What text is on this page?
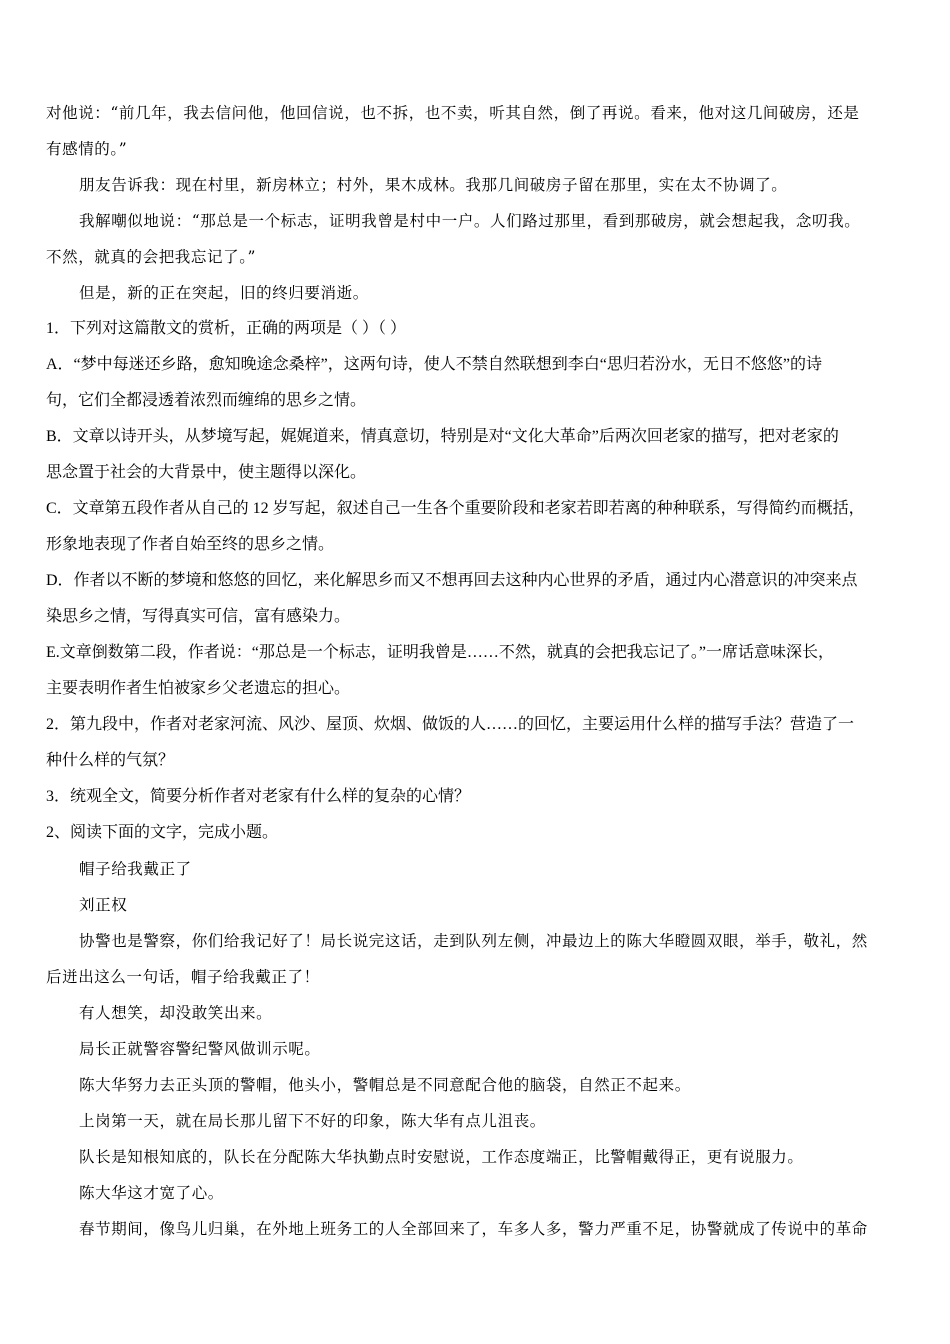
对他说：“前几年，我去信问他，他回信说，也不拆，也不卖，听其自然，倒了再说。看来，他对这几间破房，还是
有感情的。”
朋友告诉我：现在村里，新房林立；村外，果木成林。我那几间破房子留在那里，实在太不协调了。
我解嘲似地说：“那总是一个标志，证明我曾是村中一户。人们路过那里，看到那破房，就会想起我，念叨我。
不然，就真的会把我忘记了。”
但是，新的正在突起，旧的终归要消逝。
1．下列对这篇散文的赏析，正确的两项是（ ）（ ）
A．“梦中每迷还乡路，愈知晚途念桑梓”，这两句诗，使人不禁自然联想到李白“思归若汾水，无日不悠悠”的诗
句，它们全都浸透着浓烈而缠绵的思乡之情。
B．文章以诗开头，从梦境写起，娓娓道来，情真意切，特别是对“文化大革命”后两次回老家的描写，把对老家的
思念置于社会的大背景中，使主题得以深化。
C．文章第五段作者从自己的 12 岁写起，叙述自己一生各个重要阶段和老家若即若离的种种联系，写得简约而概括，
形象地表现了作者自始至终的思乡之情。
D．作者以不断的梦境和悠悠的回忆，来化解思乡而又不想再回去这种内心世界的矛盾，通过内心潜意识的冲突来点
染思乡之情，写得真实可信，富有感染力。
E.文章倒数第二段，作者说：“那总是一个标志，证明我曾是……不然，就真的会把我忘记了。”一席话意味深长，
主要表明作者生怕被家乡父老遗忘的担心。
2．第九段中，作者对老家河流、风沙、屋顶、炊烟、做饭的人……的回忆，主要运用什么样的描写手法？营造了一
种什么样的气氛？
3．统观全文，简要分析作者对老家有什么样的复杂的心情？
2、阅读下面的文字，完成小题。
帽子给我戴正了
刘正权
协警也是警察，你们给我记好了！局长说完这话，走到队列左侧，冲最边上的陈大华瞪圆双眼，举手，敬礼，然
后迸出这么一句话，帽子给我戴正了！
有人想笑，却没敢笑出来。
局长正就警容警纪警风做训示呢。
陈大华努力去正头顶的警帽，他头小，警帽总是不同意配合他的脑袋，自然正不起来。
上岗第一天，就在局长那儿留下不好的印象，陈大华有点儿沮丧。
队长是知根知底的，队长在分配陈大华执勤点时安慰说，工作态度端正，比警帽戴得正，更有说服力。
陈大华这才宽了心。
春节期间，像鸟儿归巢，在外地上班务工的人全部回来了，车多人多，警力严重不足，协警就成了传说中的革命
